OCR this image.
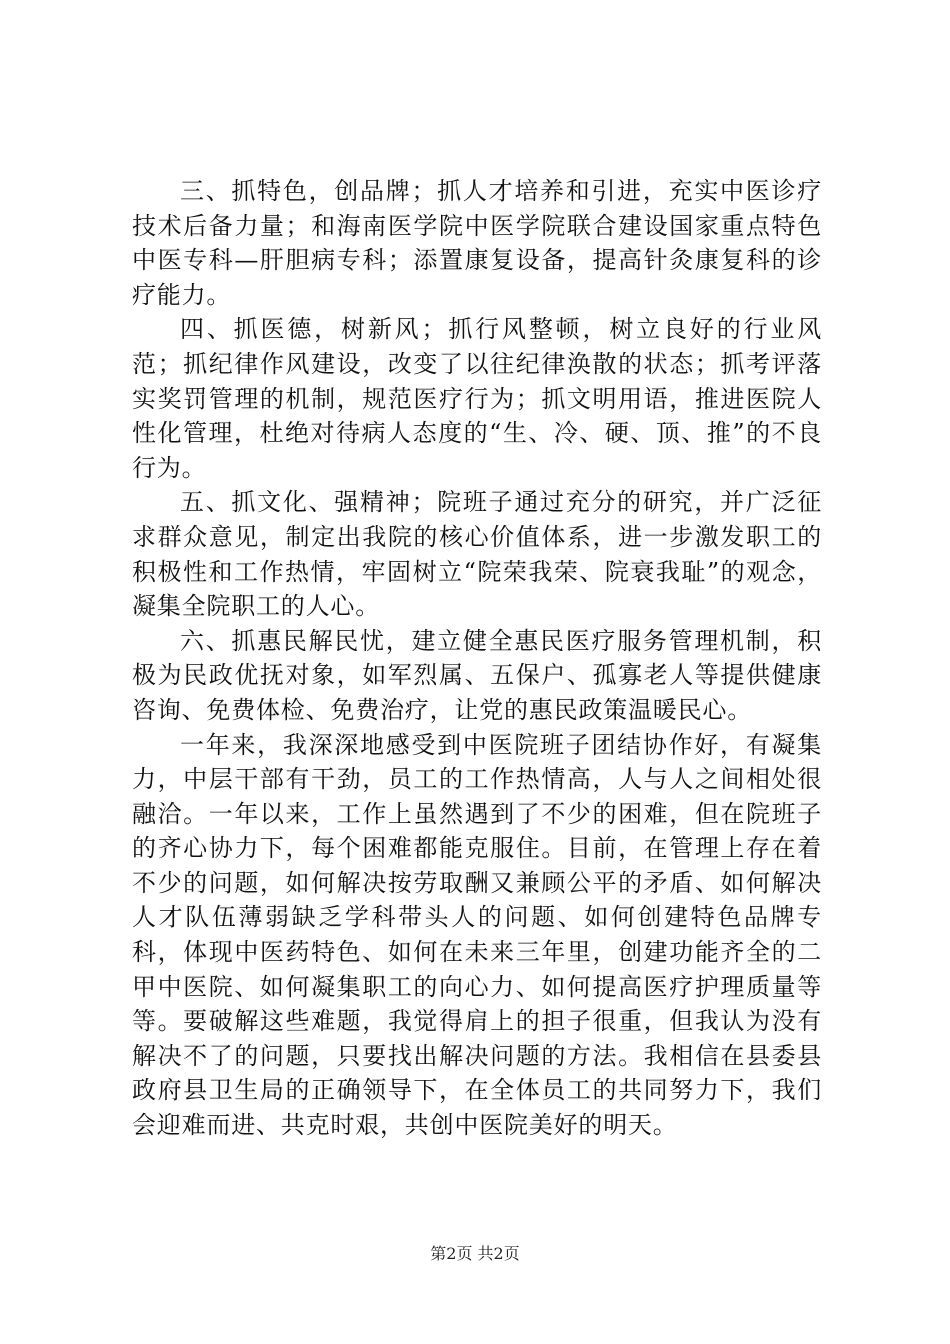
三、抓特色，创品牌；抓人才培养和引进，充实中医诊疗技术后备力量；和海南医学院中医学院联合建设国家重点特色中医专科—肝胆病专科；添置康复设备，提高针灸康复科的诊疗能力。

四、抓医德，树新风；抓行风整顿，树立良好的行业风范；抓纪律作风建设，改变了以往纪律涣散的状态；抓考评落实奖罚管理的机制，规范医疗行为；抓文明用语，推进医院人性化管理，杜绝对待病人态度的“生、冷、硬、顶、推”的不良行为。

五、抓文化、强精神；院班子通过充分的研究，并广泛征求群众意见，制定出我院的核心价值体系，进一步激发职工的积极性和工作热情，牢固树立“院荣我荣、院衰我耻”的观念，凝集全院职工的人心。

六、抓惠民解民忧，建立健全惠民医疗服务管理机制，积极为民政优抚对象，如军烈属、五保户、孤寡老人等提供健康咨询、免费体检、免费治疗，让党的惠民政策温暖民心。

一年来，我深深地感受到中医院班子团结协作好，有凝集力，中层干部有干劲，员工的工作热情高，人与人之间相处很融洽。一年以来，工作上虽然遇到了不少的困难，但在院班子的齐心协力下，每个困难都能克服住。目前，在管理上存在着不少的问题，如何解决按劳取酬又兼顾公平的矛盾、如何解决人才队伍薄弱缺乏学科带头人的问题、如何创建特色品牌专科，体现中医药特色、如何在未来三年里，创建功能齐全的二甲中医院、如何凝集职工的向心力、如何提高医疗护理质量等等。要破解这些难题，我觉得肩上的担子很重，但我认为没有解决不了的问题，只要找出解决问题的方法。我相信在县委县政府县卫生局的正确领导下，在全体员工的共同努力下，我们会迎难而进、共克时艰，共创中医院美好的明天。

第2页 共2页
